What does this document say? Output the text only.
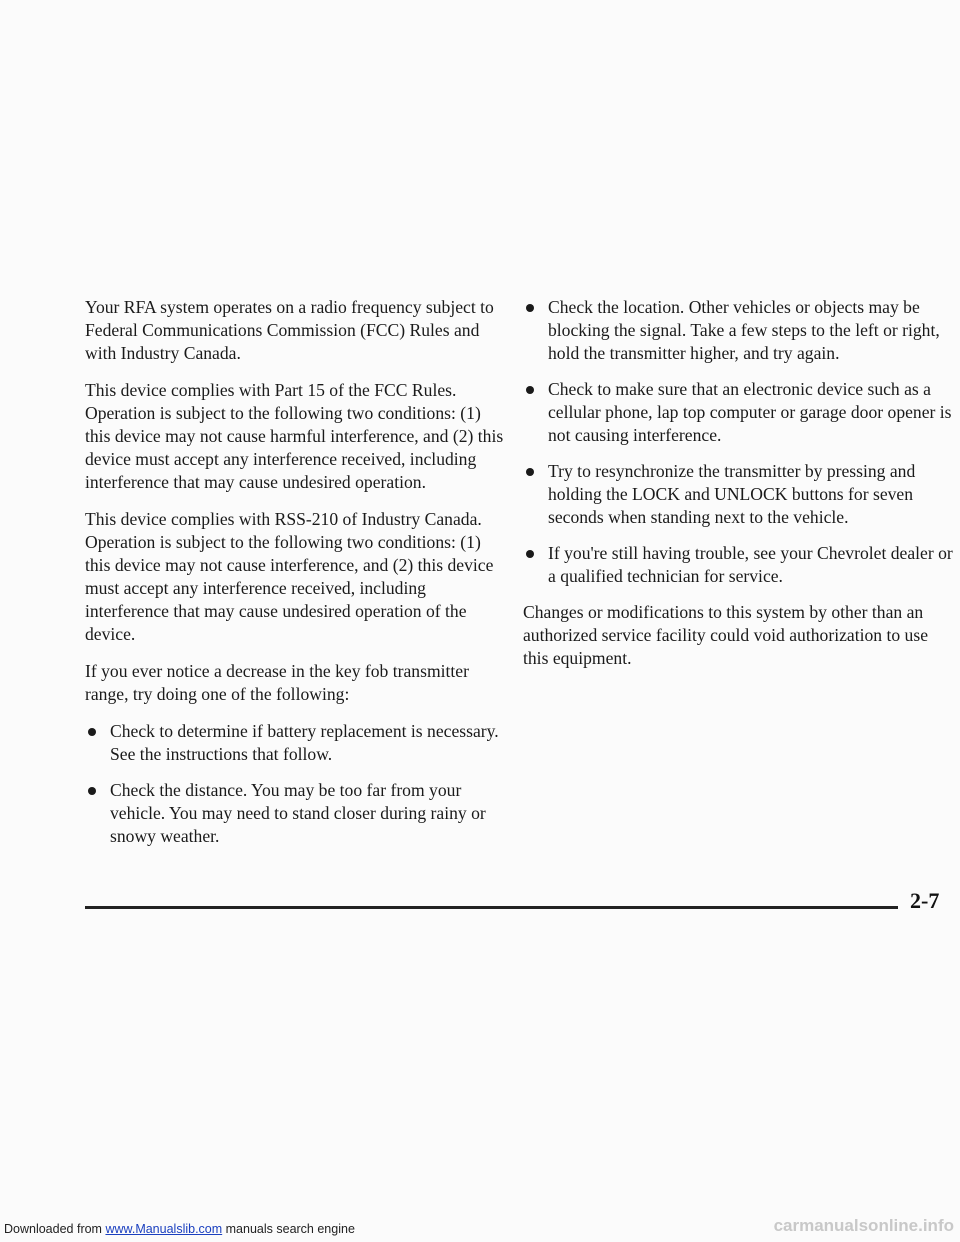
Your RFA system operates on a radio frequency subject to Federal Communications Commission (FCC) Rules and with Industry Canada.

This device complies with Part 15 of the FCC Rules. Operation is subject to the following two conditions: (1) this device may not cause harmful interference, and (2) this device must accept any interference received, including interference that may cause undesired operation.

This device complies with RSS-210 of Industry Canada. Operation is subject to the following two conditions: (1) this device may not cause interference, and (2) this device must accept any interference received, including interference that may cause undesired operation of the device.

If you ever notice a decrease in the key fob transmitter range, try doing one of the following:

Check to determine if battery replacement is necessary. See the instructions that follow.
Check the distance. You may be too far from your vehicle. You may need to stand closer during rainy or snowy weather.
Check the location. Other vehicles or objects may be blocking the signal. Take a few steps to the left or right, hold the transmitter higher, and try again.
Check to make sure that an electronic device such as a cellular phone, lap top computer or garage door opener is not causing interference.
Try to resynchronize the transmitter by pressing and holding the LOCK and UNLOCK buttons for seven seconds when standing next to the vehicle.
If you're still having trouble, see your Chevrolet dealer or a qualified technician for service.

Changes or modifications to this system by other than an authorized service facility could void authorization to use this equipment.

2-7
Downloaded from www.Manualslib.com manuals search engine	carmanualsonline.info
